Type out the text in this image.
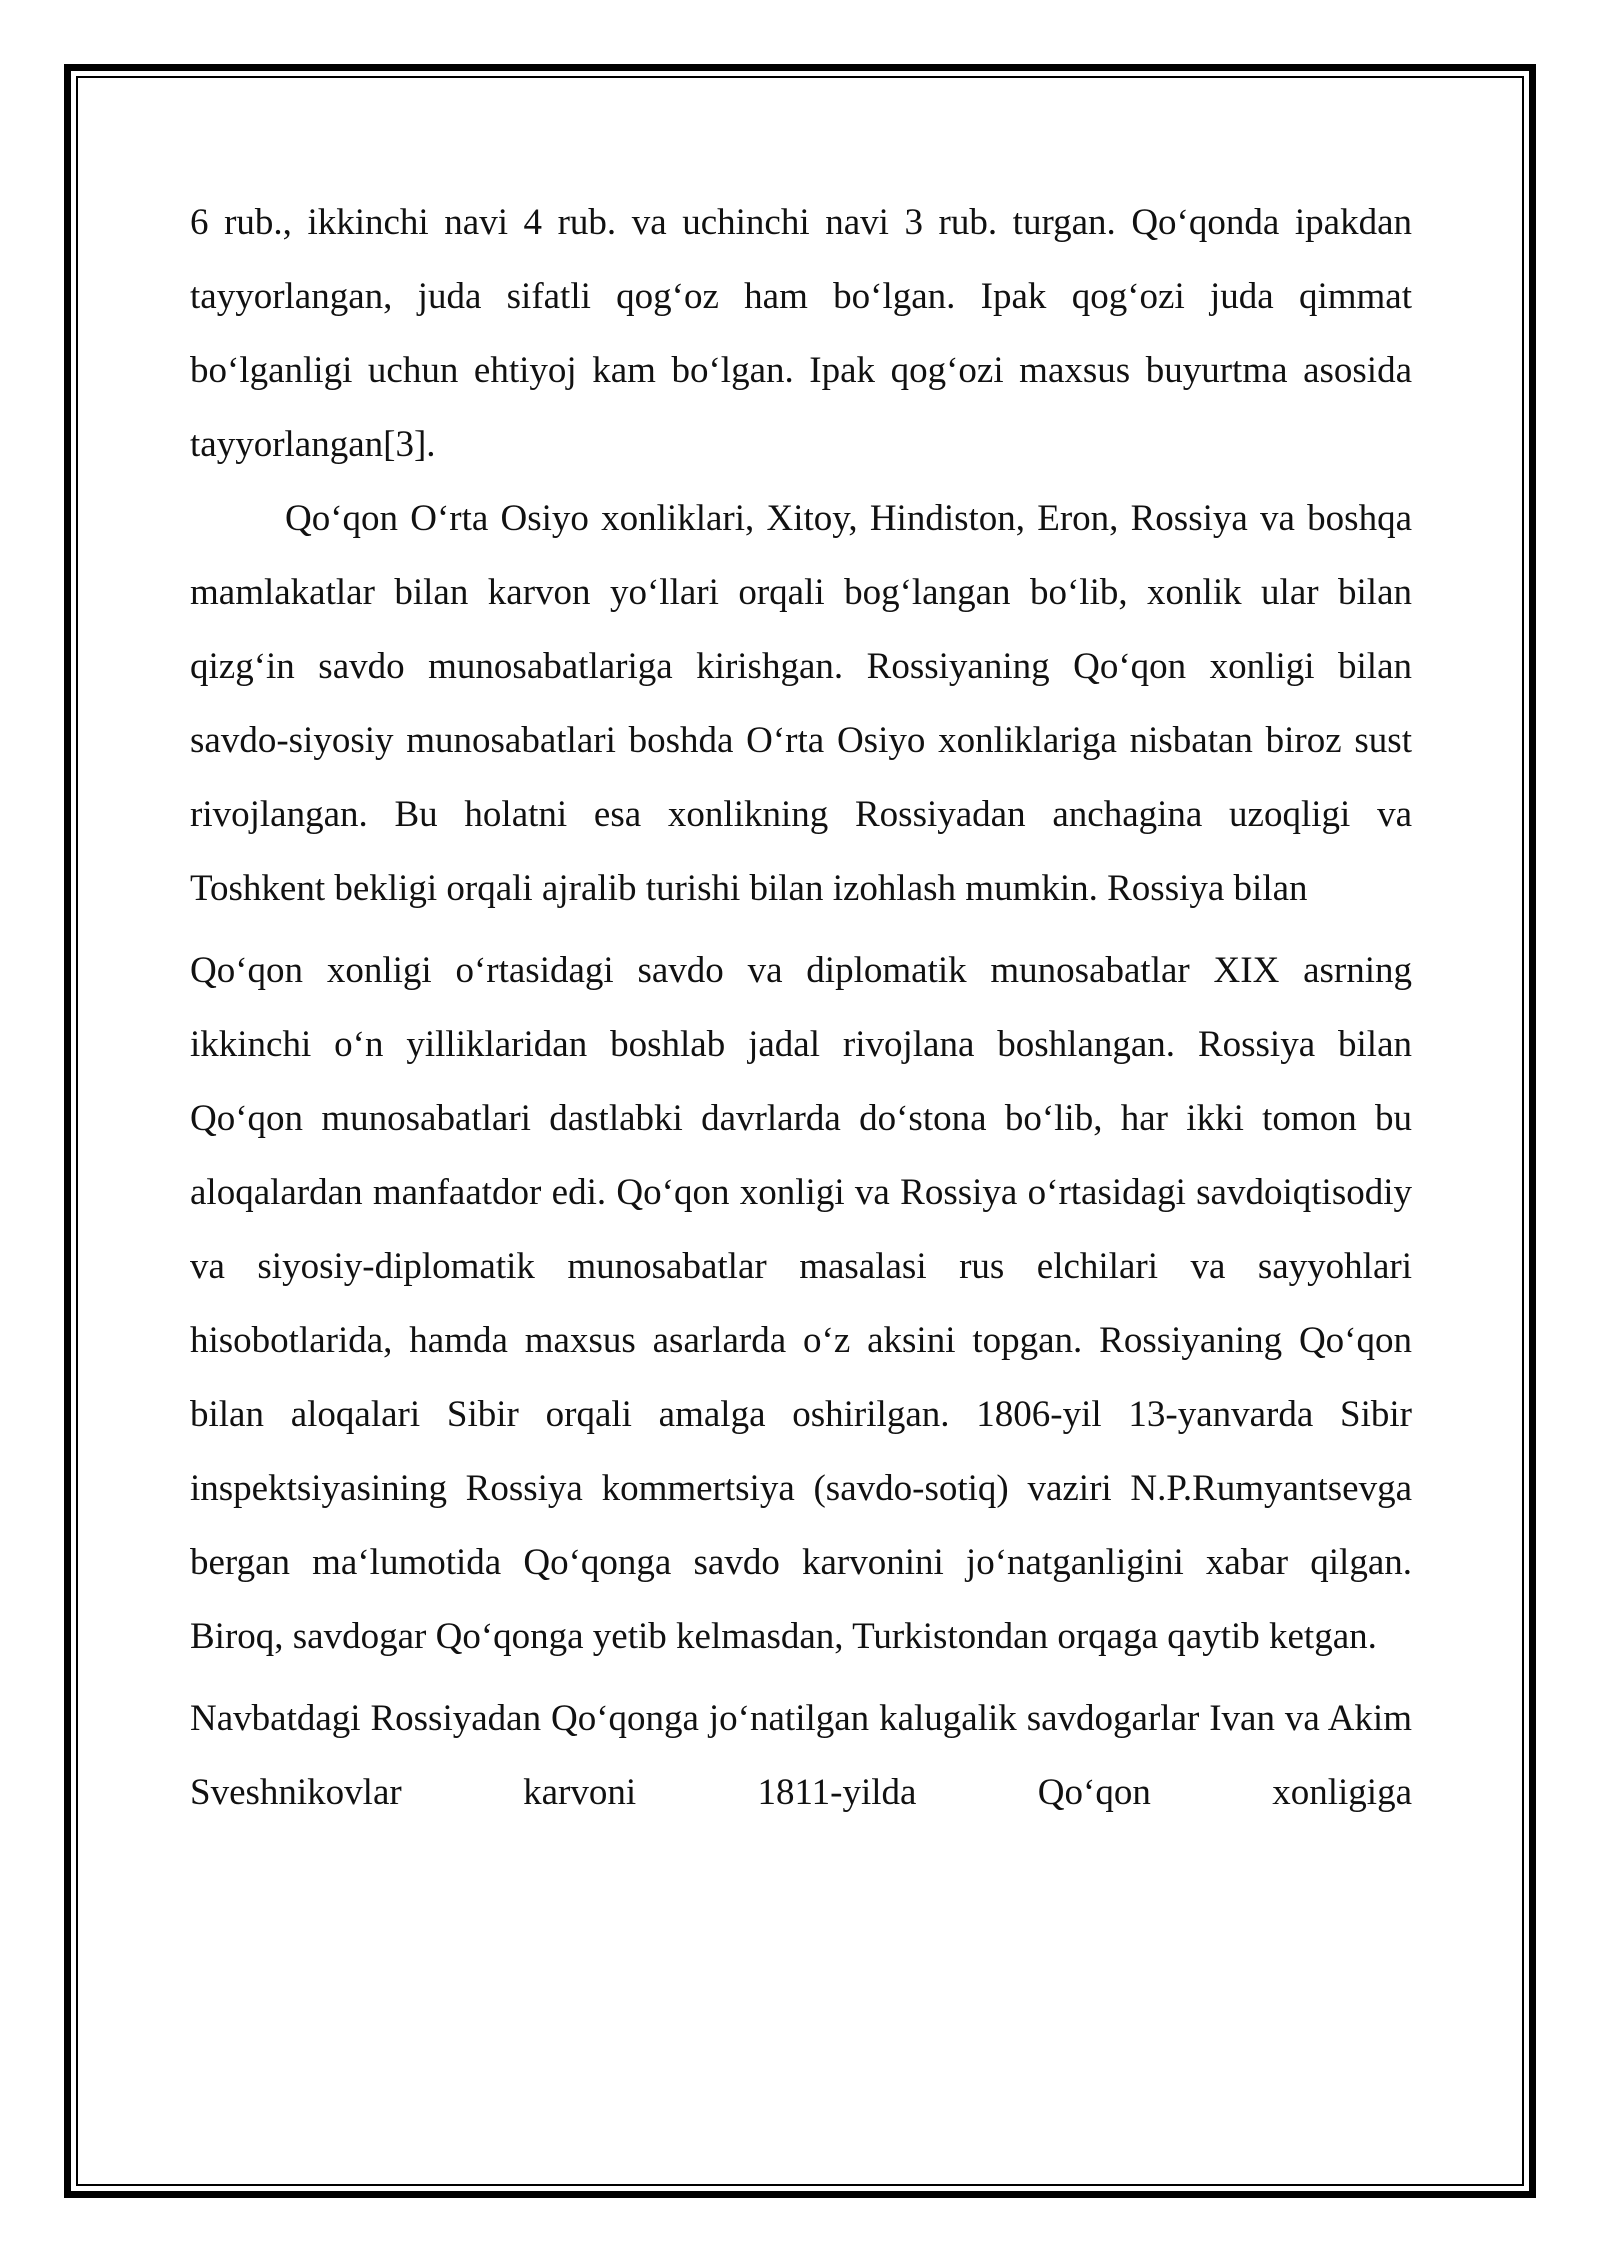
6 rub., ikkinchi navi 4 rub. va uchinchi navi 3 rub. turgan. Qo‘qonda ipakdan tayyorlangan, juda sifatli qog‘oz ham bo‘lgan. Ipak qog‘ozi juda qimmat bo‘lganligi uchun ehtiyoj kam bo‘lgan. Ipak qog‘ozi maxsus buyurtma asosida tayyorlangan[3].

Qo‘qon O‘rta Osiyo xonliklari, Xitoy, Hindiston, Eron, Rossiya va boshqa mamlakatlar bilan karvon yo‘llari orqali bog‘langan bo‘lib, xonlik ular bilan qizg‘in savdo munosabatlariga kirishgan. Rossiyaning Qo‘qon xonligi bilan savdo-siyosiy munosabatlari boshda O‘rta Osiyo xonliklariga nisbatan biroz sust rivojlangan. Bu holatni esa xonlikning Rossiyadan anchagina uzoqligi va Toshkent bekligi orqali ajralib turishi bilan izohlash mumkin. Rossiya bilan

Qo‘qon xonligi o‘rtasidagi savdo va diplomatik munosabatlar XIX asrning ikkinchi o‘n yilliklaridan boshlab jadal rivojlana boshlangan. Rossiya bilan Qo‘qon munosabatlari dastlabki davrlarda do‘stona bo‘lib, har ikki tomon bu aloqalardan manfaatdor edi. Qo‘qon xonligi va Rossiya o‘rtasidagi savdoiqtisodiy va siyosiy-diplomatik munosabatlar masalasi rus elchilari va sayyohlari hisobotlarida, hamda maxsus asarlarda o‘z aksini topgan. Rossiyaning Qo‘qon bilan aloqalari Sibir orqali amalga oshirilgan. 1806-yil 13-yanvarda Sibir inspektsiyasining Rossiya kommertsiya (savdo-sotiq) vaziri N.P.Rumyantsevga bergan ma‘lumotida Qo‘qonga savdo karvonini jo‘natganligini xabar qilgan. Biroq, savdogar Qo‘qonga yetib kelmasdan, Turkistondan orqaga qaytib ketgan.

Navbatdagi Rossiyadan Qo‘qonga jo‘natilgan kalugalik savdogarlar Ivan va Akim Sveshnikovlar karvoni 1811-yilda Qo‘qon xonligiga
